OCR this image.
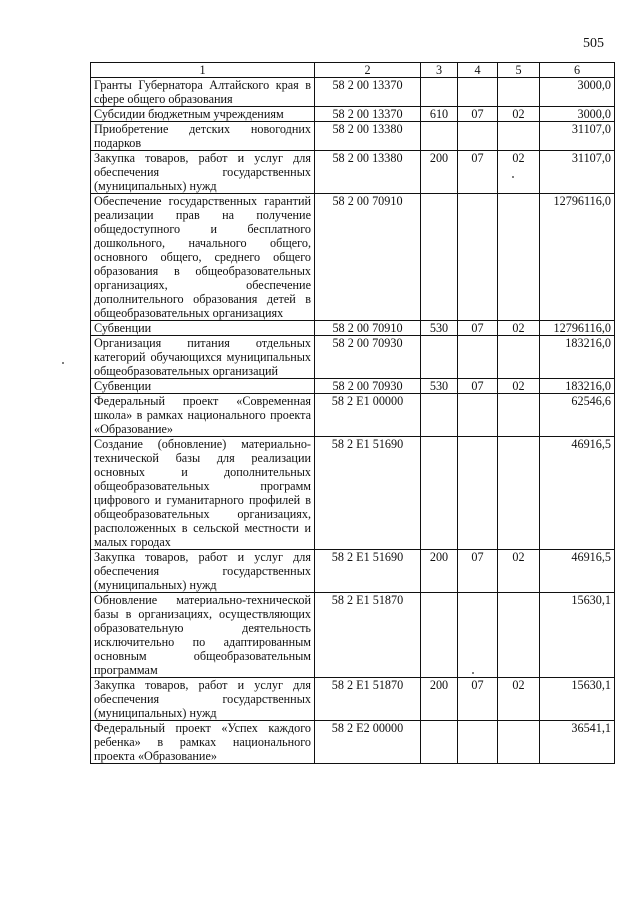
505
1	2	3	4	5	6
Гранты Губернатора Алтайского края в сфере общего образования	58 2 00 13370				3000,0
Субсидии бюджетным учреждениям	58 2 00 13370	610	07	02	3000,0
Приобретение детских новогодних подарков	58 2 00 13380				31107,0
Закупка товаров, работ и услуг для обеспечения государственных (муниципальных) нужд	58 2 00 13380	200	07	02	31107,0
Обеспечение государственных гарантий реализации прав на получение общедоступного и бесплатного дошкольного, начального общего, основного общего, среднего общего образования в общеобразовательных организациях, обеспечение дополнительного образования детей в общеобразовательных организациях	58 2 00 70910				12796116,0
Субвенции	58 2 00 70910	530	07	02	12796116,0
Организация питания отдельных категорий обучающихся муниципальных общеобразовательных организаций	58 2 00 70930				183216,0
Субвенции	58 2 00 70930	530	07	02	183216,0
Федеральный проект «Современная школа» в рамках национального проекта «Образование»	58 2 Е1 00000				62546,6
Создание (обновление) материально-технической базы для реализации основных и дополнительных общеобразовательных программ цифрового и гуманитарного профилей в общеобразовательных организациях, расположенных в сельской местности и малых городах	58 2 Е1 51690				46916,5
Закупка товаров, работ и услуг для обеспечения государственных (муниципальных) нужд	58 2 Е1 51690	200	07	02	46916,5
Обновление материально-технической базы в организациях, осуществляющих образовательную деятельность исключительно по адаптированным основным общеобразовательным программам	58 2 Е1 51870				15630,1
Закупка товаров, работ и услуг для обеспечения государственных (муниципальных) нужд	58 2 Е1 51870	200	07	02	15630,1
Федеральный проект «Успех каждого ребенка» в рамках национального проекта «Образование»	58 2 Е2 00000				36541,1
